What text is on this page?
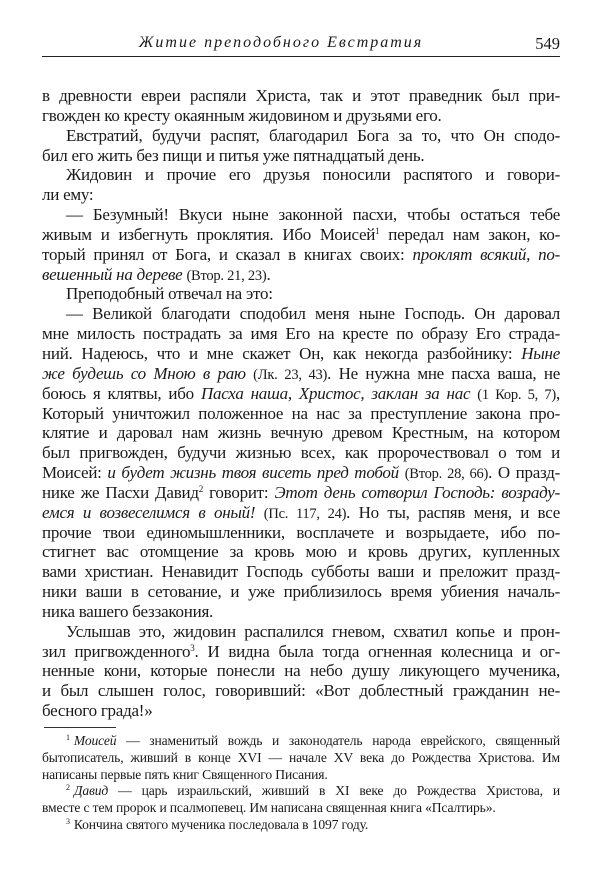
Житие преподобного Евстратия	549
в древности евреи распяли Христа, так и этот праведник был при-
гвожден ко кресту окаянным жидовином и друзьями его.
Евстратий, будучи распят, благодарил Бога за то, что Он сподо-
бил его жить без пищи и питья уже пятнадцатый день.
Жидовин и прочие его друзья поносили распятого и говори-
ли ему:
— Безумный! Вкуси ныне законной пасхи, чтобы остаться тебе
живым и избегнуть проклятия. Ибо Моисей$^1$ передал нам закон, ко-
торый принял от Бога, и сказал в книгах своих: проклят всякий, по-
вешенный на дереве (Втор. 21, 23).
Преподобный отвечал на это:
— Великой благодати сподобил меня ныне Господь. Он даровал
мне милость пострадать за имя Его на кресте по образу Его страда-
ний. Надеюсь, что и мне скажет Он, как некогда разбойнику: Ныне
же будешь со Мною в раю (Лк. 23, 43). Не нужна мне пасха ваша, не
боюсь я клятвы, ибо Пасха наша, Христос, заклан за нас (1 Кор. 5, 7),
Который уничтожил положенное на нас за преступление закона про-
клятие и даровал нам жизнь вечную древом Крестным, на котором
был пригвожден, будучи жизнью всех, как пророчествовал о том и
Моисей: и будет жизнь твоя висеть пред тобой (Втор. 28, 66). О празд-
нике же Пасхи Давид$^2$ говорит: Этот день сотворил Господь: возраду-
емся и возвеселимся в оный! (Пс. 117, 24). Но ты, распяв меня, и все
прочие твои единомышленники, восплачете и возрыдаете, ибо по-
стигнет вас отомщение за кровь мою и кровь других, купленных
вами христиан. Ненавидит Господь субботы ваши и преложит празд-
ники ваши в сетование, и уже приблизилось время убиения началь-
ника вашего беззакония.
Услышав это, жидовин распалился гневом, схватил копье и прон-
зил пригвожденного$^3$. И видна была тогда огненная колесница и ог-
ненные кони, которые понесли на небо душу ликующего мученика,
и был слышен голос, говоривший: «Вот доблестный гражданин не-
бесного града!»
$^1$ Моисей — знаменитый вождь и законодатель народа еврейского, священный
бытописатель, живший в конце XVI — начале XV века до Рождества Христова. Им
написаны первые пять книг Священного Писания.
$^2$ Давид — царь израильский, живший в XI веке до Рождества Христова, и
вместе с тем пророк и псалмопевец. Им написана священная книга «Псалтирь».
$^3$ Кончина святого мученика последовала в 1097 году.
